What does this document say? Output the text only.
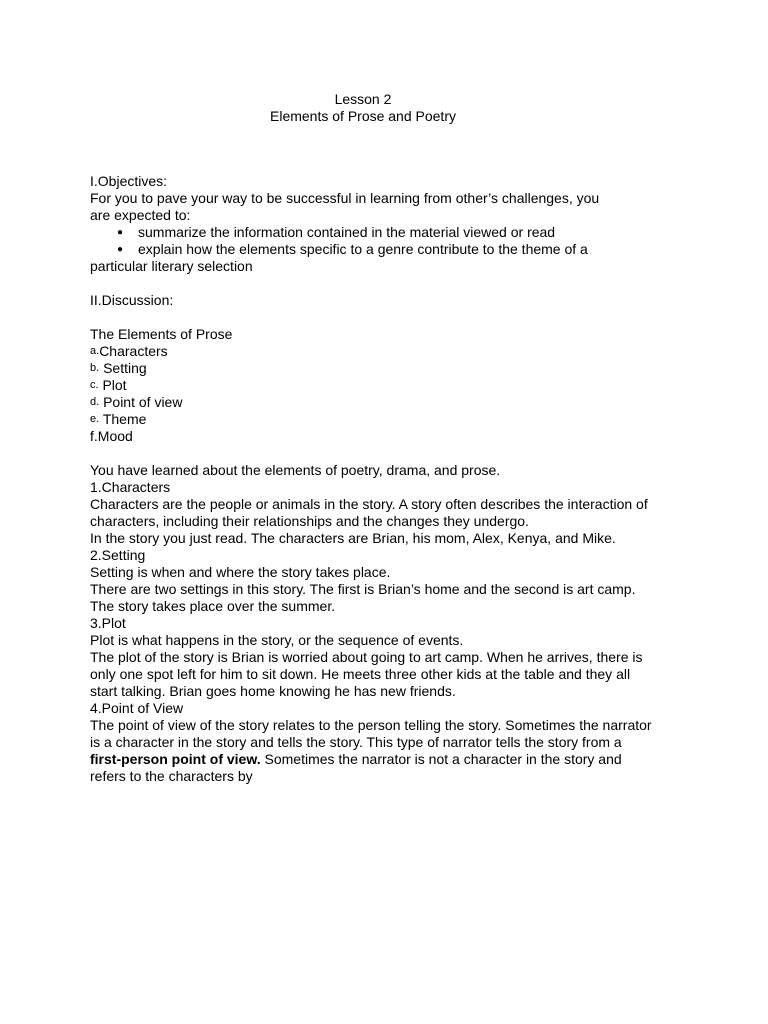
Lesson 2
Elements of Prose and Poetry
I.Objectives:
For you to pave your way to be successful in learning from other’s challenges, you
are expected to:
● summarize the information contained in the material viewed or read
● explain how the elements specific to a genre contribute to the theme of a
particular literary selection
II.Discussion:
The Elements of Prose
a. Characters
b. Setting
c. Plot
d. Point of view
e. Theme
f. Mood
You have learned about the elements of poetry, drama, and prose.
1.Characters
Characters are the people or animals in the story. A story often describes the interaction of
characters, including their relationships and the changes they undergo.
In the story you just read. The characters are Brian, his mom, Alex, Kenya, and Mike.
2.Setting
Setting is when and where the story takes place.
There are two settings in this story. The first is Brian’s home and the second is art camp.
The story takes place over the summer.
3.Plot
Plot is what happens in the story, or the sequence of events.
The plot of the story is Brian is worried about going to art camp. When he arrives, there is
only one spot left for him to sit down. He meets three other kids at the table and they all
start talking. Brian goes home knowing he has new friends.
4.Point of View
The point of view of the story relates to the person telling the story. Sometimes the narrator
is a character in the story and tells the story. This type of narrator tells the story from a
first-person point of view. Sometimes the narrator is not a character in the story and
refers to the characters by
